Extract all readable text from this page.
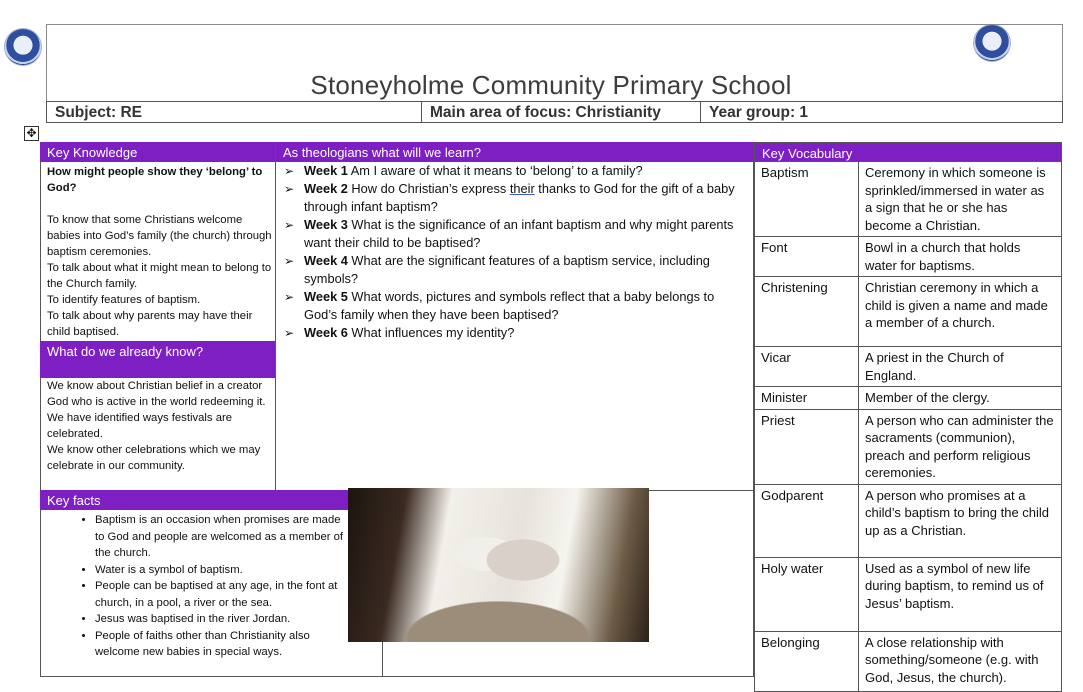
Stoneyholme Community Primary School
Subject: RE	Main area of focus: Christianity	Year group: 1
✥
Key Knowledge
How might people show they ‘belong’ to God?
To know that some Christians welcome babies into God’s family (the church) through baptism ceremonies.
To talk about what it might mean to belong to the Church family.
To identify features of baptism.
To talk about why parents may have their child baptised.
What do we already know?
We know about Christian belief in a creator God who is active in the world redeeming it.
We have identified ways festivals are celebrated.
We know other celebrations which we may celebrate in our community.
As theologians what will we learn?
➢ Week 1 Am I aware of what it means to ‘belong’ to a family?
➢ Week 2 How do Christian’s express their thanks to God for the gift of a baby through infant baptism?
➢ Week 3 What is the significance of an infant baptism and why might parents want their child to be baptised?
➢ Week 4 What are the significant features of a baptism service, including symbols?
➢ Week 5 What words, pictures and symbols reflect that a baby belongs to God’s family when they have been baptised?
➢ Week 6 What influences my identity?
Key facts
• Baptism is an occasion when promises are made to God and people are welcomed as a member of the church.
• Water is a symbol of baptism.
• People can be baptised at any age, in the font at church, in a pool, a river or the sea.
• Jesus was baptised in the river Jordan.
• People of faiths other than Christianity also welcome new babies in special ways.
Key Vocabulary
Baptism	Ceremony in which someone is sprinkled/immersed in water as a sign that he or she has become a Christian.
Font	Bowl in a church that holds water for baptisms.
Christening	Christian ceremony in which a child is given a name and made a member of a church.
Vicar	A priest in the Church of England.
Minister	Member of the clergy.
Priest	A person who can administer the sacraments (communion), preach and perform religious ceremonies.
Godparent	A person who promises at a child’s baptism to bring the child up as a Christian.
Holy water	Used as a symbol of new life during baptism, to remind us of Jesus’ baptism.
Belonging	A close relationship with something/someone (e.g. with God, Jesus, the church).
